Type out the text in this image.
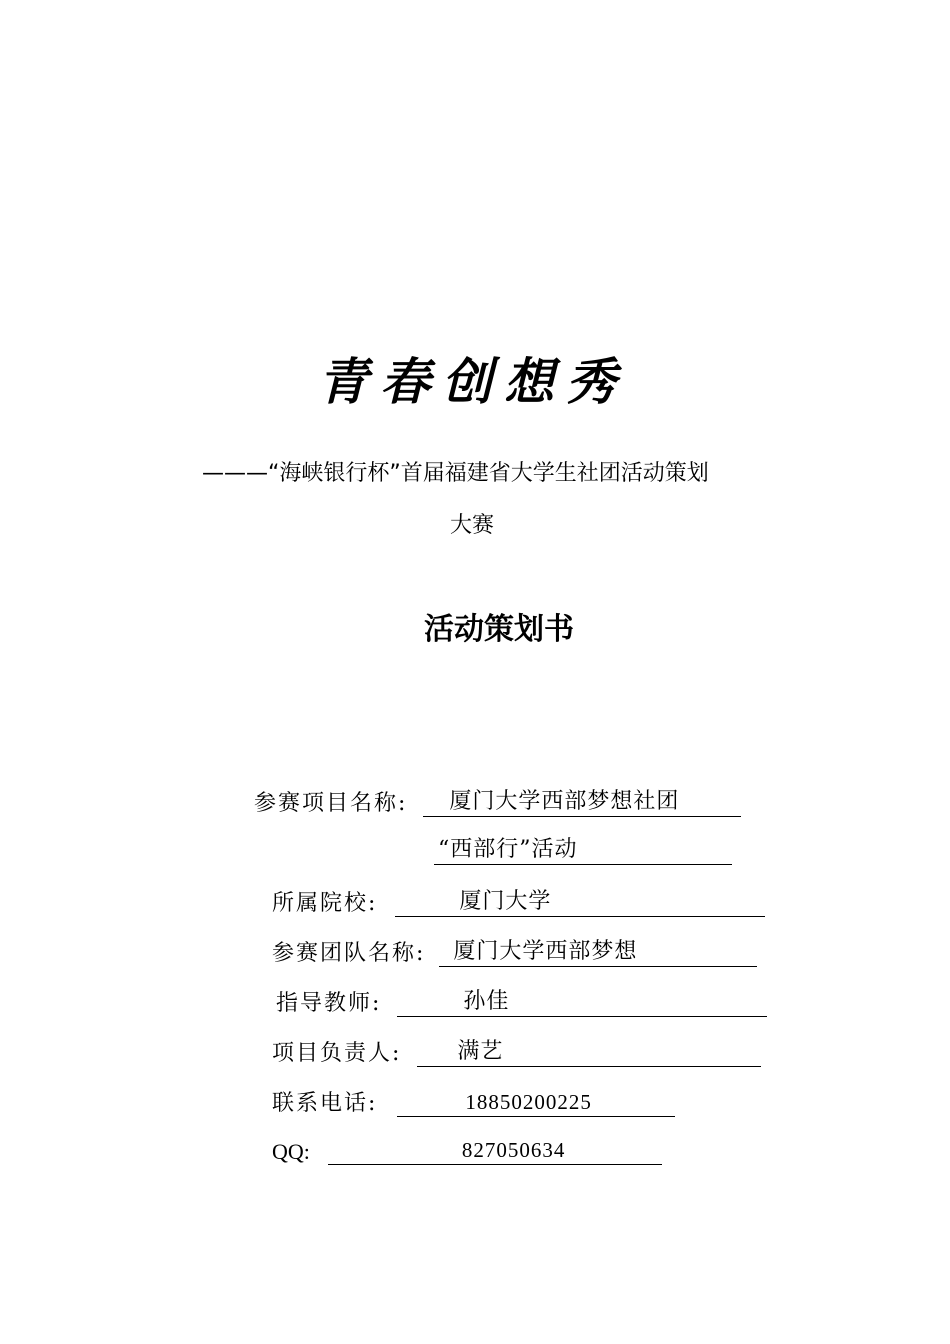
青春创想秀
———“海峡银行杯”首届福建省大学生社团活动策划
大赛
活动策划书
参赛项目名称:	厦门大学西部梦想社团
“西部行”活动
所属院校:	厦门大学
参赛团队名称:	厦门大学西部梦想
指导教师:	孙佳
项目负责人:	满艺
联系电话:	18850200225
QQ:	827050634
